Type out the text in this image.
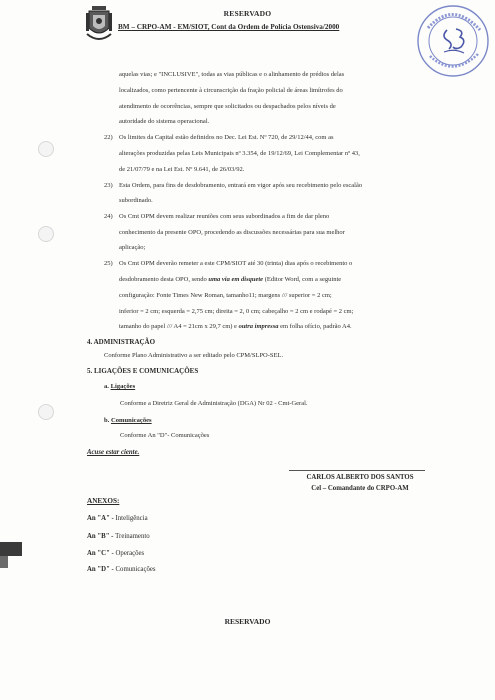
RESERVADO
BM – CRPO-AM - EM/SIOT, Cont da Ordem de Polícia Ostensiva/2000
aquelas vias; e "INCLUSIVE", todas as vias públicas e o alinhamento de prédios delas
localizados, como pertencente à circunscrição da fração policial de áreas limítrofes do
atendimento de ocorrências, sempre que solicitados ou despachados pelos níveis de
autoridade do sistema operacional.
22) Os limites da Capital estão definidos no Dec. Lei Est. Nº 720, de 29/12/44, com as
alterações produzidas pelas Leis Municipais nº 3.354, de 19/12/69, Lei Complementar nº 43,
de 21/07/79 e na Lei Est. Nº 9.641, de 26/03/92.
23) Esta Ordem, para fins de desdobramento, entrará em vigor após seu recebimento pelo escalão
subordinado.
24) Os Cmt OPM devem realizar reuniões com seus subordinados a fim de dar pleno
conhecimento da presente OPO, procedendo as discussões necessárias para sua melhor
aplicação;
25) Os Cmt OPM deverão remeter a este CPM/SIOT até 30 (trinta) dias após o recebimento o
desdobramento desta OPO, sendo uma via em disquete (Editor Word, com a seguinte
configuração: Fonte Times New Roman, tamanho11; margens /// superior = 2 cm;
inferior = 2 cm; esquerda = 2,75 cm; direita = 2, 0 cm; cabeçalho = 2 cm e rodapé = 2 cm;
tamanho do papel /// A4 = 21cm x 29,7 cm) e outra impressa em folha ofício, padrão A4.
4. ADMINISTRAÇÃO
Conforme Plano Administrativo a ser editado pelo CPM/SLPO-SEL.
5. LIGAÇÕES E COMUNICAÇÕES
a. Ligações
Conforme a Diretriz Geral de Administração (DGA) Nr 02 - Cmt-Geral.
b. Comunicações
Conforme An "D"- Comunicações
Acuse estar ciente.
CARLOS ALBERTO DOS SANTOS
Cel – Comandante do CRPO-AM
ANEXOS:
An "A" - Inteligência
An "B" - Treinamento
An "C" - Operações
An "D" - Comunicações
RESERVADO
